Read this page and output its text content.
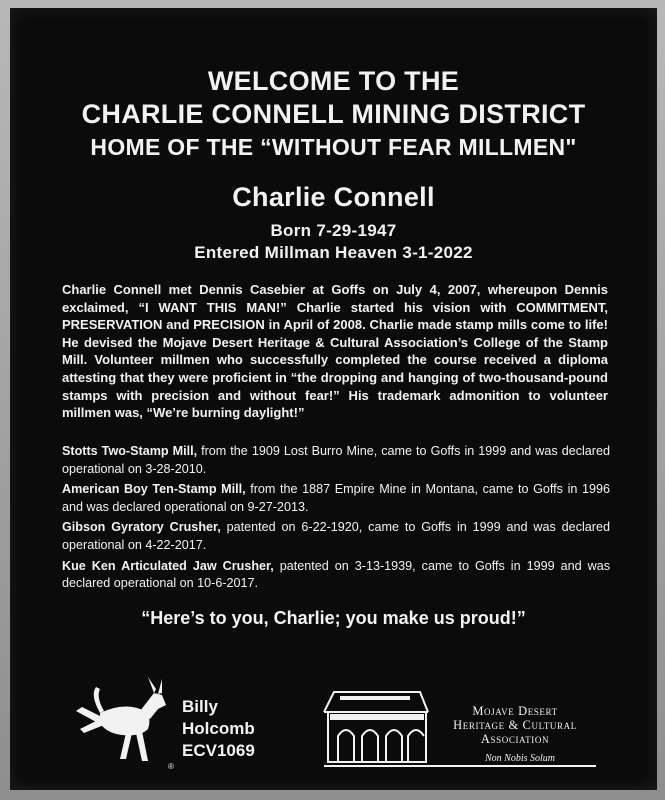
WELCOME TO THE
CHARLIE CONNELL MINING DISTRICT
HOME OF THE “WITHOUT FEAR MILLMEN"
Charlie Connell
Born 7-29-1947
Entered Millman Heaven 3-1-2022
Charlie Connell met Dennis Casebier at Goffs on July 4, 2007, whereupon Dennis exclaimed, “I WANT THIS MAN!” Charlie started his vision with COMMITMENT, PRESERVATION and PRECISION in April of 2008. Charlie made stamp mills come to life! He devised the Mojave Desert Heritage & Cultural Association’s College of the Stamp Mill. Volunteer millmen who successfully completed the course received a diploma attesting that they were proficient in “the dropping and hanging of two-thousand-pound stamps with precision and without fear!” His trademark admonition to volunteer millmen was, “We’re burning daylight!”
Stotts Two-Stamp Mill, from the 1909 Lost Burro Mine, came to Goffs in 1999 and was declared operational on 3-28-2010.
American Boy Ten-Stamp Mill, from the 1887 Empire Mine in Montana, came to Goffs in 1996 and was declared operational on 9-27-2013.
Gibson Gyratory Crusher, patented on 6-22-1920, came to Goffs in 1999 and was declared operational on 4-22-2017.
Kue Ken Articulated Jaw Crusher, patented on 3-13-1939, came to Goffs in 1999 and was declared operational on 10-6-2017.
“Here’s to you, Charlie; you make us proud!”
®
Billy
Holcomb
ECV1069
Mojave Desert
Heritage & Cultural
Association
Non Nobis Solum
